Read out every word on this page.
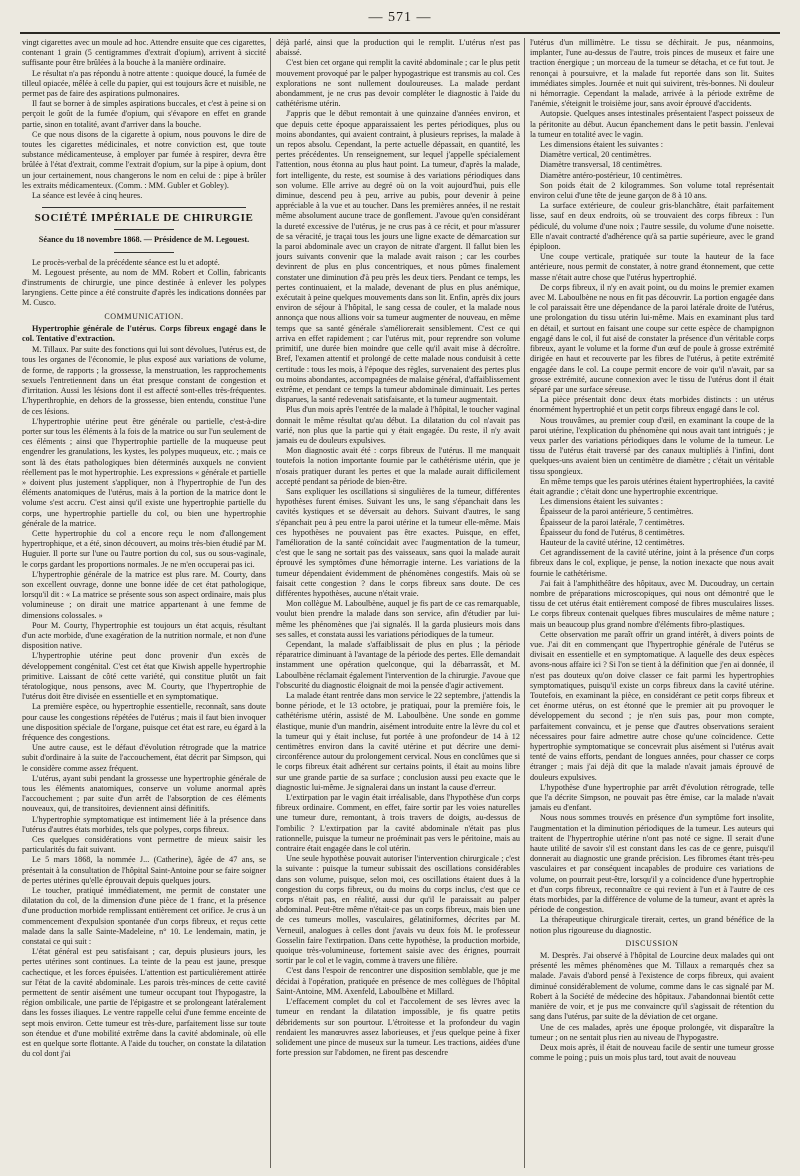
— 571 —

vingt cigarettes avec un moule ad hoc. Attendre ensuite que ces cigarettes, contenant 1 grain (5 centigrammes d'extrait d'opium), arrivent à siccité suffisante pour être brûlées à la bouche à la manière ordinaire.

Le résultat n'a pas répondu à notre attente : quoique doucé, la fumée de tilleul opiacée, mêlée à celle du papier, qui est toujours âcre et nuisible, ne permet pas de faire des aspirations pulmonaires.

Il faut se borner à de simples aspirations buccales, et c'est à peine si on perçoit le goût de la fumée d'opium, qui s'évapore en effet en grande partie, sinon en totalité, avant d'arriver dans la bouche.

Ce que nous disons de la cigarette à opium, nous pouvons le dire de toutes les cigarettes médicinales, et notre conviction est, que toute substance médicamenteuse, à employer par fumée à respirer, devra être brûlée à l'état d'extrait, comme l'extrait d'opium, sur la pipe à opium, dont un jour certainement, nous changerons le nom en celui de : pipe à brûler les extraits médicamenteux. (Comm. : MM. Gubler et Gobley).

La séance est levée à cinq heures.

SOCIÉTÉ IMPÉRIALE DE CHIRURGIE

Séance du 18 novembre 1868. — Présidence de M. Legouest.

Le procès-verbal de la précédente séance est lu et adopté.

M. Legouest présente, au nom de MM. Robert et Collin, fabricants d'instruments de chirurgie, une pince destinée à enlever les polypes laryngiens. Cette pince a été construite d'après les indications données par M. Cusco.

COMMUNICATION.
Hypertrophie générale de l'utérus. Corps fibreux engagé dans le col. Tentative d'extraction.

M. Tillaux. Par suite des fonctions qui lui sont dévolues, l'utérus est, de tous les organes de l'économie, le plus exposé aux variations de volume, de forme, de rapports ; la grossesse, la menstruation, les rapprochements sexuels l'entretiennent dans un état presque constant de congestion et d'irritation. Aussi les lésions dont il est affecté sont-elles très-fréquentes. L'hyperthrophie, en dehors de la grossesse, bien entendu, constitue l'une de ces lésions.

L'hypertrophie utérine peut être générale ou partielle, c'est-à-dire porter sur tous les éléments à la fois de la matrice ou sur l'un seulement de ces éléments ; ainsi que l'hypertrophie partielle de la muqueuse peut engendrer les granulations, les kystes, les polypes muqueux, etc. ; mais ce sont là des états pathologiques bien déterminés auxquels ne convient réellement pas le mot hypertrophie. Les expressions « générale et partielle » doivent plus justement s'appliquer, non à l'hypertrophie de l'un des éléments anatomiques de l'utérus, mais à la portion de la matrice dont le volume s'est accru. C'est ainsi qu'il existe une hypertrophie partielle du corps, une hypertrophie partielle du col, ou bien une hypertrophie générale de la matrice.

Cette hypertrophie du col a encore reçu le nom d'allongement hypertrophique, et a été, sinon découvert, au moins très-bien étudié par M. Huguier. Il porte sur l'une ou l'autre portion du col, sus ou sous-vaginale, le corps gardant les proportions normales. Je ne m'en occuperai pas ici.

L'hypertrophie générale de la matrice est plus rare. M. Courty, dans son excellent ouvrage, donne une bonne idée de cet état pathologique, lorsqu'il dit : « La matrice se présente sous son aspect ordinaire, mais plus volumineuse ; on dirait une matrice appartenant à une femme de dimensions colossales. »

Pour M. Courty, l'hypertrophie est toujours un état acquis, résultant d'un acte morbide, d'une exagération de la nutrition normale, et non d'une disposition native.

L'hypertrophie utérine peut donc provenir d'un excès de développement congénital. C'est cet état que Kiwish appelle hypertrophie primitive. Laissant de côté cette variété, qui constitue plutôt un fait tératologique, nous pensons, avec M. Courty, que l'hypertrophie de l'utérus doit être divisée en essentielle et en symptomatique.

La première espèce, ou hypertrophie essentielle, reconnaît, sans doute pour cause les congestions répétées de l'utérus ; mais il faut bien invoquer une disposition spéciale de l'organe, puisque cet état est rare, eu égard à la fréquence des congestions.

Une autre cause, est le défaut d'évolution rétrograde que la matrice subit d'ordinaire à la suite de l'accouchement, état décrit par Simpson, qui le considère comme assez fréquent.

L'utérus, ayant subi pendant la grossesse une hypertrophie générale de tous les éléments anatomiques, conserve un volume anormal après l'accouchement ; par suite d'un arrêt de l'absorption de ces éléments nouveaux, qui, de transitoires, deviennent ainsi définitifs.

L'hypertrophie symptomatique est intimement liée à la présence dans l'utérus d'autres états morbides, tels que polypes, corps fibreux.

Ces quelques considérations vont permettre de mieux saisir les particularités du fait suivant.

Le 5 mars 1868, la nommée J... (Catherine), âgée de 47 ans, se présentait à la consultation de l'hôpital Saint-Antoine pour se faire soigner de pertes utérines qu'elle éprouvait depuis quelques jours.

Le toucher, pratiqué immédiatement, me permit de constater une dilatation du col, de la dimension d'une pièce de 1 franc, et la présence d'une production morbide remplissant entièrement cet orifice. Je crus à un commencement d'expulsion spontanée d'un corps fibreux, et reçus cette malade dans la salle Sainte-Madeleine, n° 10. Le lendemain, matin, je constatai ce qui suit :

L'état général est peu satisfaisant ; car, depuis plusieurs jours, les pertes utérines sont continues. La teinte de la peau est jaune, presque cachectique, et les forces épuisées. L'attention est particulièrement attirée sur l'état de la cavité abdominale. Les parois très-minces de cette cavité permettent de sentir aisément une tumeur occupant tout l'hypogastre, la région ombilicale, une partie de l'épigastre et se prolongeant latéralement dans les fosses iliaques. Le ventre rappelle celui d'une femme enceinte de sept mois environ. Cette tumeur est très-dure, parfaitement lisse sur toute son étendue et d'une mobilité extrême dans la cavité abdominale, où elle est en quelque sorte flottante. A l'aide du toucher, on constate la dilatation du col dont j'ai

déjà parlé, ainsi que la production qui le remplit. L'utérus n'est pas abaissé.

C'est bien cet organe qui remplit la cavité abdominale ; car le plus petit mouvement provoqué par le palper hypogastrique est transmis au col. Ces explorations ne sont nullement douloureuses. La malade perdant abondamment, je ne crus pas devoir compléter le diagnostic à l'aide du cathétérisme utérin.

J'appris que le début remontait à une quinzaine d'années environ, et que depuis cette époque apparaissaient les pertes périodiques, plus ou moins abondantes, qui avaient contraint, à plusieurs reprises, la malade à un repos absolu. Cependant, la perte actuelle dépassait, en quantité, les pertes précédentes. Un renseignement, sur lequel j'appelle spécialement l'attention, nous étonna au plus haut point. La tumeur, d'après la malade, fort intelligente, du reste, est soumise à des variations périodiques dans son volume. Elle arrive au degré où on la voit aujourd'hui, puis elle diminue, descend peu à peu, arrive au pubis, pour devenir à peine appréciable à la vue et au toucher. Dans les premières années, il ne restait même absolument aucune trace de gonflement. J'avoue qu'en considérant la dureté excessive de l'utérus, je ne crus pas à ce récit, et pour m'assurer de sa véracité, je traçai tous les jours une ligne exacte de démarcation sur la paroi abdominale avec un crayon de nitrate d'argent. Il fallut bien les jours suivants convenir que la malade avait raison ; car les courbes devinrent de plus en plus concentriques, et nous pûmes finalement constater une diminution d'à peu près les deux tiers. Pendant ce temps, les pertes continuaient, et la malade, devenant de plus en plus anémique, exécutait à peine quelques mouvements dans son lit. Enfin, après dix jours environ de séjour à l'hôpital, le sang cessa de couler, et la malade nous annonça que nous allions voir sa tumeur augmenter de nouveau, en même temps que sa santé générale s'améliorerait sensiblement. C'est ce qui arriva en effet rapidement ; car l'utérus mit, pour reprendre son volume primitif, une durée bien moindre que celle qu'il avait mise à décroître. Bref, l'examen attentif et prolongé de cette malade nous conduisit à cette certitude : tous les mois, à l'époque des règles, survenaient des pertes plus ou moins abondantes, accompagnées de malaise général, d'affaiblissement extrême, et pendant ce temps la tumeur abdominale diminuait. Les pertes disparues, la santé redevenait satisfaisante, et la tumeur augmentait.

Plus d'un mois après l'entrée de la malade à l'hôpital, le toucher vaginal donnait le même résultat qu'au début. La dilatation du col n'avait pas varié, non plus que la partie qui y était engagée. Du reste, il n'y avait jamais eu de douleurs expulsives.

Mon diagnostic avait été : corps fibreux de l'utérus. Il me manquait toutefois la notion importante fournie par le cathétérisme utérin, que je n'osais pratiquer durant les pertes et que la malade aurait difficilement accepté pendant sa période de bien-être.

Sans expliquer les oscillations si singulières de la tumeur, différentes hypothèses furent émises. Suivant les uns, le sang s'épanchait dans les cavités kystiques et se déversait au dehors. Suivant d'autres, le sang s'épanchait peu à peu entre la paroi utérine et la tumeur elle-même. Mais ces hypothèses ne pouvaient pas être exactes. Puisque, en effet, l'amélioration de la santé coïncidait avec l'augmentation de la tumeur, c'est que le sang ne sortait pas des vaisseaux, sans quoi la malade aurait éprouvé les symptômes d'une hémorragie interne. Les variations de la tumeur dépendaient évidemment de phénomènes congestifs. Mais où se faisait cette congestion ? dans le corps fibreux sans doute. De ces différentes hypothèses, aucune n'était vraie.

Mon collègue M. Laboulbène, auquel je fis part de ce cas remarquable, voulut bien prendre la malade dans son service, afin d'étudier par lui-même les phénomènes que j'ai signalés. Il la garda plusieurs mois dans ses salles, et constata aussi les variations périodiques de la tumeur.

Cependant, la malade s'affaiblissait de plus en plus ; la période réparatrice diminuant à l'avantage de la période des pertes. Elle demandait instamment une opération quelconque, qui la débarrassât, et M. Laboulbène réclamait également l'intervention de la chirurgie. J'avoue que l'obscurité du diagnostic éloignait de moi la pensée d'agir activement.

La malade étant rentrée dans mon service le 22 septembre, j'attendis la bonne période, et le 13 octobre, je pratiquai, pour la première fois, le cathétérisme utérin, assisté de M. Laboulbène. Une sonde en gomme élastique, munie d'un mandrin, aisément introduite entre la lèvre du col et la tumeur qui y était incluse, fut portée à une profondeur de 14 à 12 centimètres environ dans la cavité utérine et put décrire une demi-circonférence autour du prolongement cervical. Nous en conclûmes que si le corps fibreux était adhérent sur certains points, il était au moins libre sur une grande partie de sa surface ; conclusion aussi peu exacte que le diagnostic lui-même. Je signalerai dans un instant la cause d'erreur.

L'extirpation par le vagin était irréalisable, dans l'hypothèse d'un corps fibreux ordinaire. Comment, en effet, faire sortir par les voies naturelles une tumeur dure, remontant, à trois travers de doigts, au-dessus de l'ombilic ? L'extirpation par la cavité abdominale n'était pas plus rationnelle, puisque la tumeur ne proéminait pas vers le péritoine, mais au contraire était engagée dans le col utérin.

Une seule hypothèse pouvait autoriser l'intervention chirurgicale ; c'est la suivante : puisque la tumeur subissait des oscillations considérables dans son volume, puisque, selon moi, ces oscillations étaient dues à la congestion du corps fibreux, ou du moins du corps inclus, c'est que ce corps n'était pas, en réalité, aussi dur qu'il le paraissait au palper abdominal. Peut-être même n'était-ce pas un corps fibreux, mais bien une de ces tumeurs molles, vasculaires, gélatiniformes, décrites par M. Verneuil, analogues à celles dont j'avais vu deux fois M. le professeur Gosselin faire l'extirpation. Dans cette hypothèse, la production morbide, quoique très-volumineuse, fortement saisie avec des érignes, pourrait sortir par le col et le vagin, comme à travers une filière.

C'est dans l'espoir de rencontrer une disposition semblable, que je me décidai à l'opération, pratiquée en présence de mes collègues de l'hôpital Saint-Antoine, MM. Axenfeld, Laboulbène et Millard.

L'effacement complet du col et l'accolement de ses lèvres avec la tumeur en rendant la dilatation impossible, je fis quatre petits débridements sur son pourtour. L'étroitesse et la profondeur du vagin rendaient les manœuvres assez laborieuses, et j'eus quelque peine à fixer solidement une pince de museux sur la tumeur. Les tractions, aidées d'une forte pression sur l'abdomen, ne firent pas descendre

l'utérus d'un millimètre. Le tissu se déchirait. Je pus, néanmoins, implanter, l'une au-dessus de l'autre, trois pinces de museux et faire une traction énergique ; un morceau de la tumeur se détacha, et ce fut tout. Je renonçai à poursuivre, et la malade fut reportée dans son lit. Suites immédiates simples. Journée et nuit qui suivirent, très-bonnes. Ni douleur ni hémorragie. Cependant la malade, arrivée à la période extrême de l'anémie, s'éteignit le troisième jour, sans avoir éprouvé d'accidents.

Autopsie. Quelques anses intestinales présentaient l'aspect poisseux de la péritonite au début. Aucun épanchement dans le petit bassin. J'enlevai la tumeur en totalité avec le vagin.

Les dimensions étaient les suivantes :

Diamètre vertical, 20 centimètres.

Diamètre transversal, 18 centimètres.

Diamètre antéro-postérieur, 10 centimètres.

Son poids était de 2 kilogrammes. Son volume total représentait environ celui d'une tête de jeune garçon de 8 à 10 ans.

La surface extérieure, de couleur gris-blanchâtre, était parfaitement lisse, sauf en deux endroits, où se trouvaient des corps fibreux : l'un pédiculé, du volume d'une noix ; l'autre sessile, du volume d'une noisette. Elle n'avait contracté d'adhérence qu'à sa partie supérieure, avec le grand épiploon.

Une coupe verticale, pratiquée sur toute la hauteur de la face antérieure, nous permit de constater, à notre grand étonnement, que cette masse n'était autre chose que l'utérus hypertrophié.

De corps fibreux, il n'y en avait point, ou du moins le premier examen avec M. Laboulbène ne nous en fit pas découvrir. La portion engagée dans le col paraissait être une dépendance de la paroi latérale droite de l'utérus, une prolongation du tissu utérin lui-même. Mais en examinant plus tard en détail, et surtout en faisant une coupe sur cette espèce de champignon engagé dans le col, il fut aisé de constater la présence d'un véritable corps fibreux, ayant le volume et la forme d'un œuf de poule à grosse extrémité dirigée en haut et recouverte par les fibres de l'utérus, à petite extrémité engagée dans le col. La coupe permit encore de voir qu'il n'avait, par sa grosse extrémité, aucune connexion avec le tissu de l'utérus dont il était séparé par une surface séreuse.

La pièce présentait donc deux états morbides distincts : un utérus énormément hypertrophié et un petit corps fibreux engagé dans le col.

Nous trouvâmes, au premier coup d'œil, en examinant la coupe de la paroi utérine, l'explication du phénomène qui nous avait tant intrigués ; je veux parler des variations périodiques dans le volume de la tumeur. Le tissu de l'utérus était traversé par des canaux multipliés à l'infini, dont quelques-uns avaient bien un centimètre de diamètre ; c'était un véritable tissu spongieux.

En même temps que les parois utérines étaient hypertrophiées, la cavité était agrandie ; c'était donc une hypertrophie excentrique.

Les dimensions étaient les suivantes :

Épaisseur de la paroi antérieure, 5 centimètres.

Épaisseur de la paroi latérale, 7 centimètres.

Épaisseur du fond de l'utérus, 8 centimètres.

Hauteur de la cavité utérine, 12 centimètres.

Cet agrandissement de la cavité utérine, joint à la présence d'un corps fibreux dans le col, explique, je pense, la notion inexacte que nous avait fournie le cathétérisme.

J'ai fait à l'amphithéâtre des hôpitaux, avec M. Ducoudray, un certain nombre de préparations microscopiques, qui nous ont démontré que le tissu de cet utérus était entièrement composé de fibres musculaires lisses. Le corps fibreux contenait quelques fibres musculaires de même nature ; mais un beaucoup plus grand nombre d'éléments fibro-plastiques.

Cette observation me paraît offrir un grand intérêt, à divers points de vue. J'ai dit en commençant que l'hypertrophie générale de l'utérus se divisait en essentielle et en symptomatique. A laquelle des deux espèces avons-nous affaire ici ? Si l'on se tient à la définition que j'en ai donnée, il n'est pas douteux qu'on doive classer ce fait parmi les hypertrophies symptomatiques, puisqu'il existe un corps fibreux dans la cavité utérine. Toutefois, en examinant la pièce, en considérant ce petit corps fibreux et cet énorme utérus, on est étonné que le premier ait pu provoquer le développement du second ; je n'en suis pas, pour mon compte, parfaitement convaincu, et je pense que d'autres observations seraient nécessaires pour faire admettre autre chose qu'une coïncidence. Cette hypertrophie symptomatique se concevrait plus aisément si l'utérus avait tenté de vains efforts, pendant de longues années, pour chasser ce corps étranger ; mais j'ai déjà dit que la malade n'avait jamais éprouvé de douleurs expulsives.

L'hypothèse d'une hypertrophie par arrêt d'évolution rétrograde, telle que l'a décrite Simpson, ne pouvait pas être émise, car la malade n'avait jamais eu d'enfant.

Nous nous sommes trouvés en présence d'un symptôme fort insolite, l'augmentation et la diminution périodiques de la tumeur. Les auteurs qui traitent de l'hypertrophie utérine n'ont pas noté ce signe. Il serait d'une haute utilité de savoir s'il est constant dans les cas de ce genre, puisqu'il donnerait au diagnostic une grande précision. Les fibromes étant très-peu vasculaires et par conséquent incapables de produire ces variations de volume, on pourrait peut-être, lorsqu'il y a coïncidence d'une hypertrophie et d'un corps fibreux, reconnaître ce qui revient à l'un et à l'autre de ces états morbides, par la différence de volume de la tumeur, avant et après la période de congestion.

La thérapeutique chirurgicale tirerait, certes, un grand bénéfice de la notion plus rigoureuse du diagnostic.

DISCUSSION

M. Desprès. J'ai observé à l'hôpital de Lourcine deux malades qui ont présenté les mêmes phénomènes que M. Tillaux a remarqués chez sa malade. J'avais d'abord pensé à l'existence de corps fibreux, qui avaient diminué considérablement de volume, comme dans le cas signalé par M. Robert à la Société de médecine des hôpitaux. J'abandonnai bientôt cette manière de voir, et je pus me convaincre qu'il s'agissait de rétention du sang dans l'utérus, par suite de la déviation de cet organe.

Une de ces malades, après une époque prolongée, vit disparaître la tumeur ; on ne sentait plus rien au niveau de l'hypogastre.

Deux mois après, il était de nouveau facile de sentir une tumeur grosse comme le poing ; puis un mois plus tard, tout avait de nouveau
